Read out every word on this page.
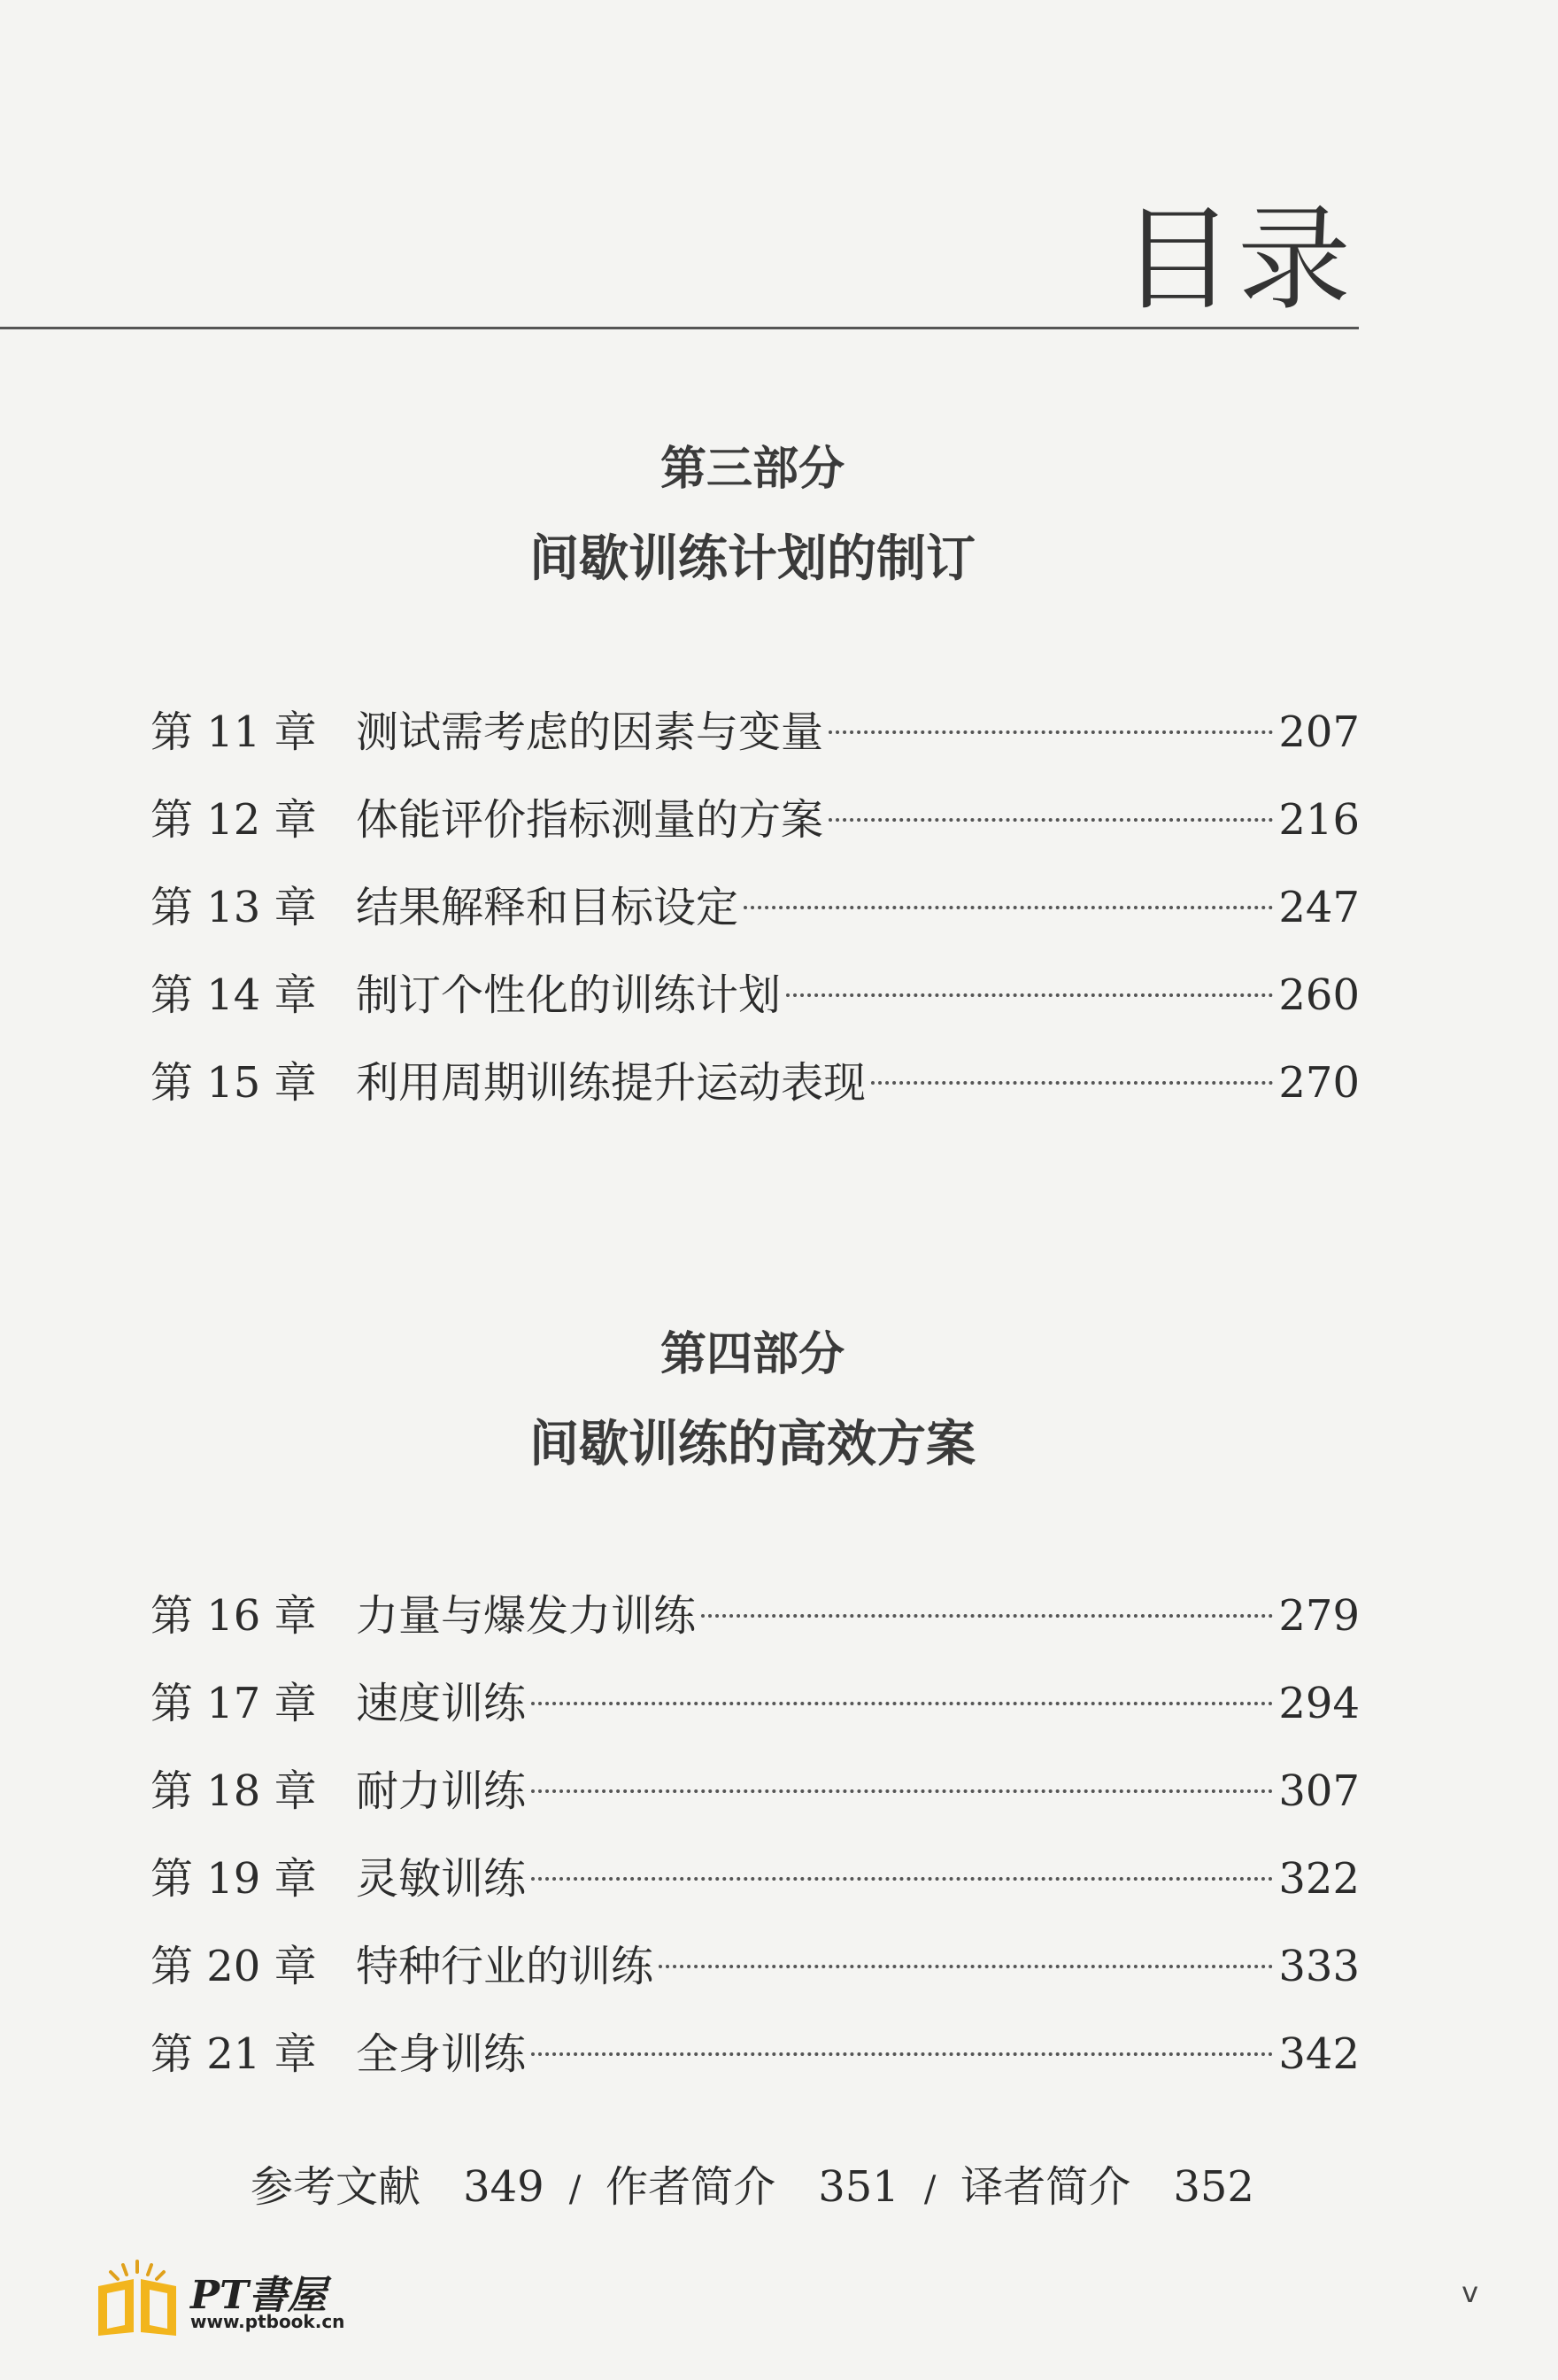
目录
第三部分
间歇训练计划的制订
第 11 章 测试需考虑的因素与变量	207
第 12 章 体能评价指标测量的方案	216
第 13 章 结果解释和目标设定	247
第 14 章 制订个性化的训练计划	260
第 15 章 利用周期训练提升运动表现	270
第四部分
间歇训练的高效方案
第 16 章 力量与爆发力训练	279
第 17 章 速度训练	294
第 18 章 耐力训练	307
第 19 章 灵敏训练	322
第 20 章 特种行业的训练	333
第 21 章 全身训练	342
参考文献 349 / 作者简介 351 / 译者简介 352
PT書屋
www.ptbook.cn
v
